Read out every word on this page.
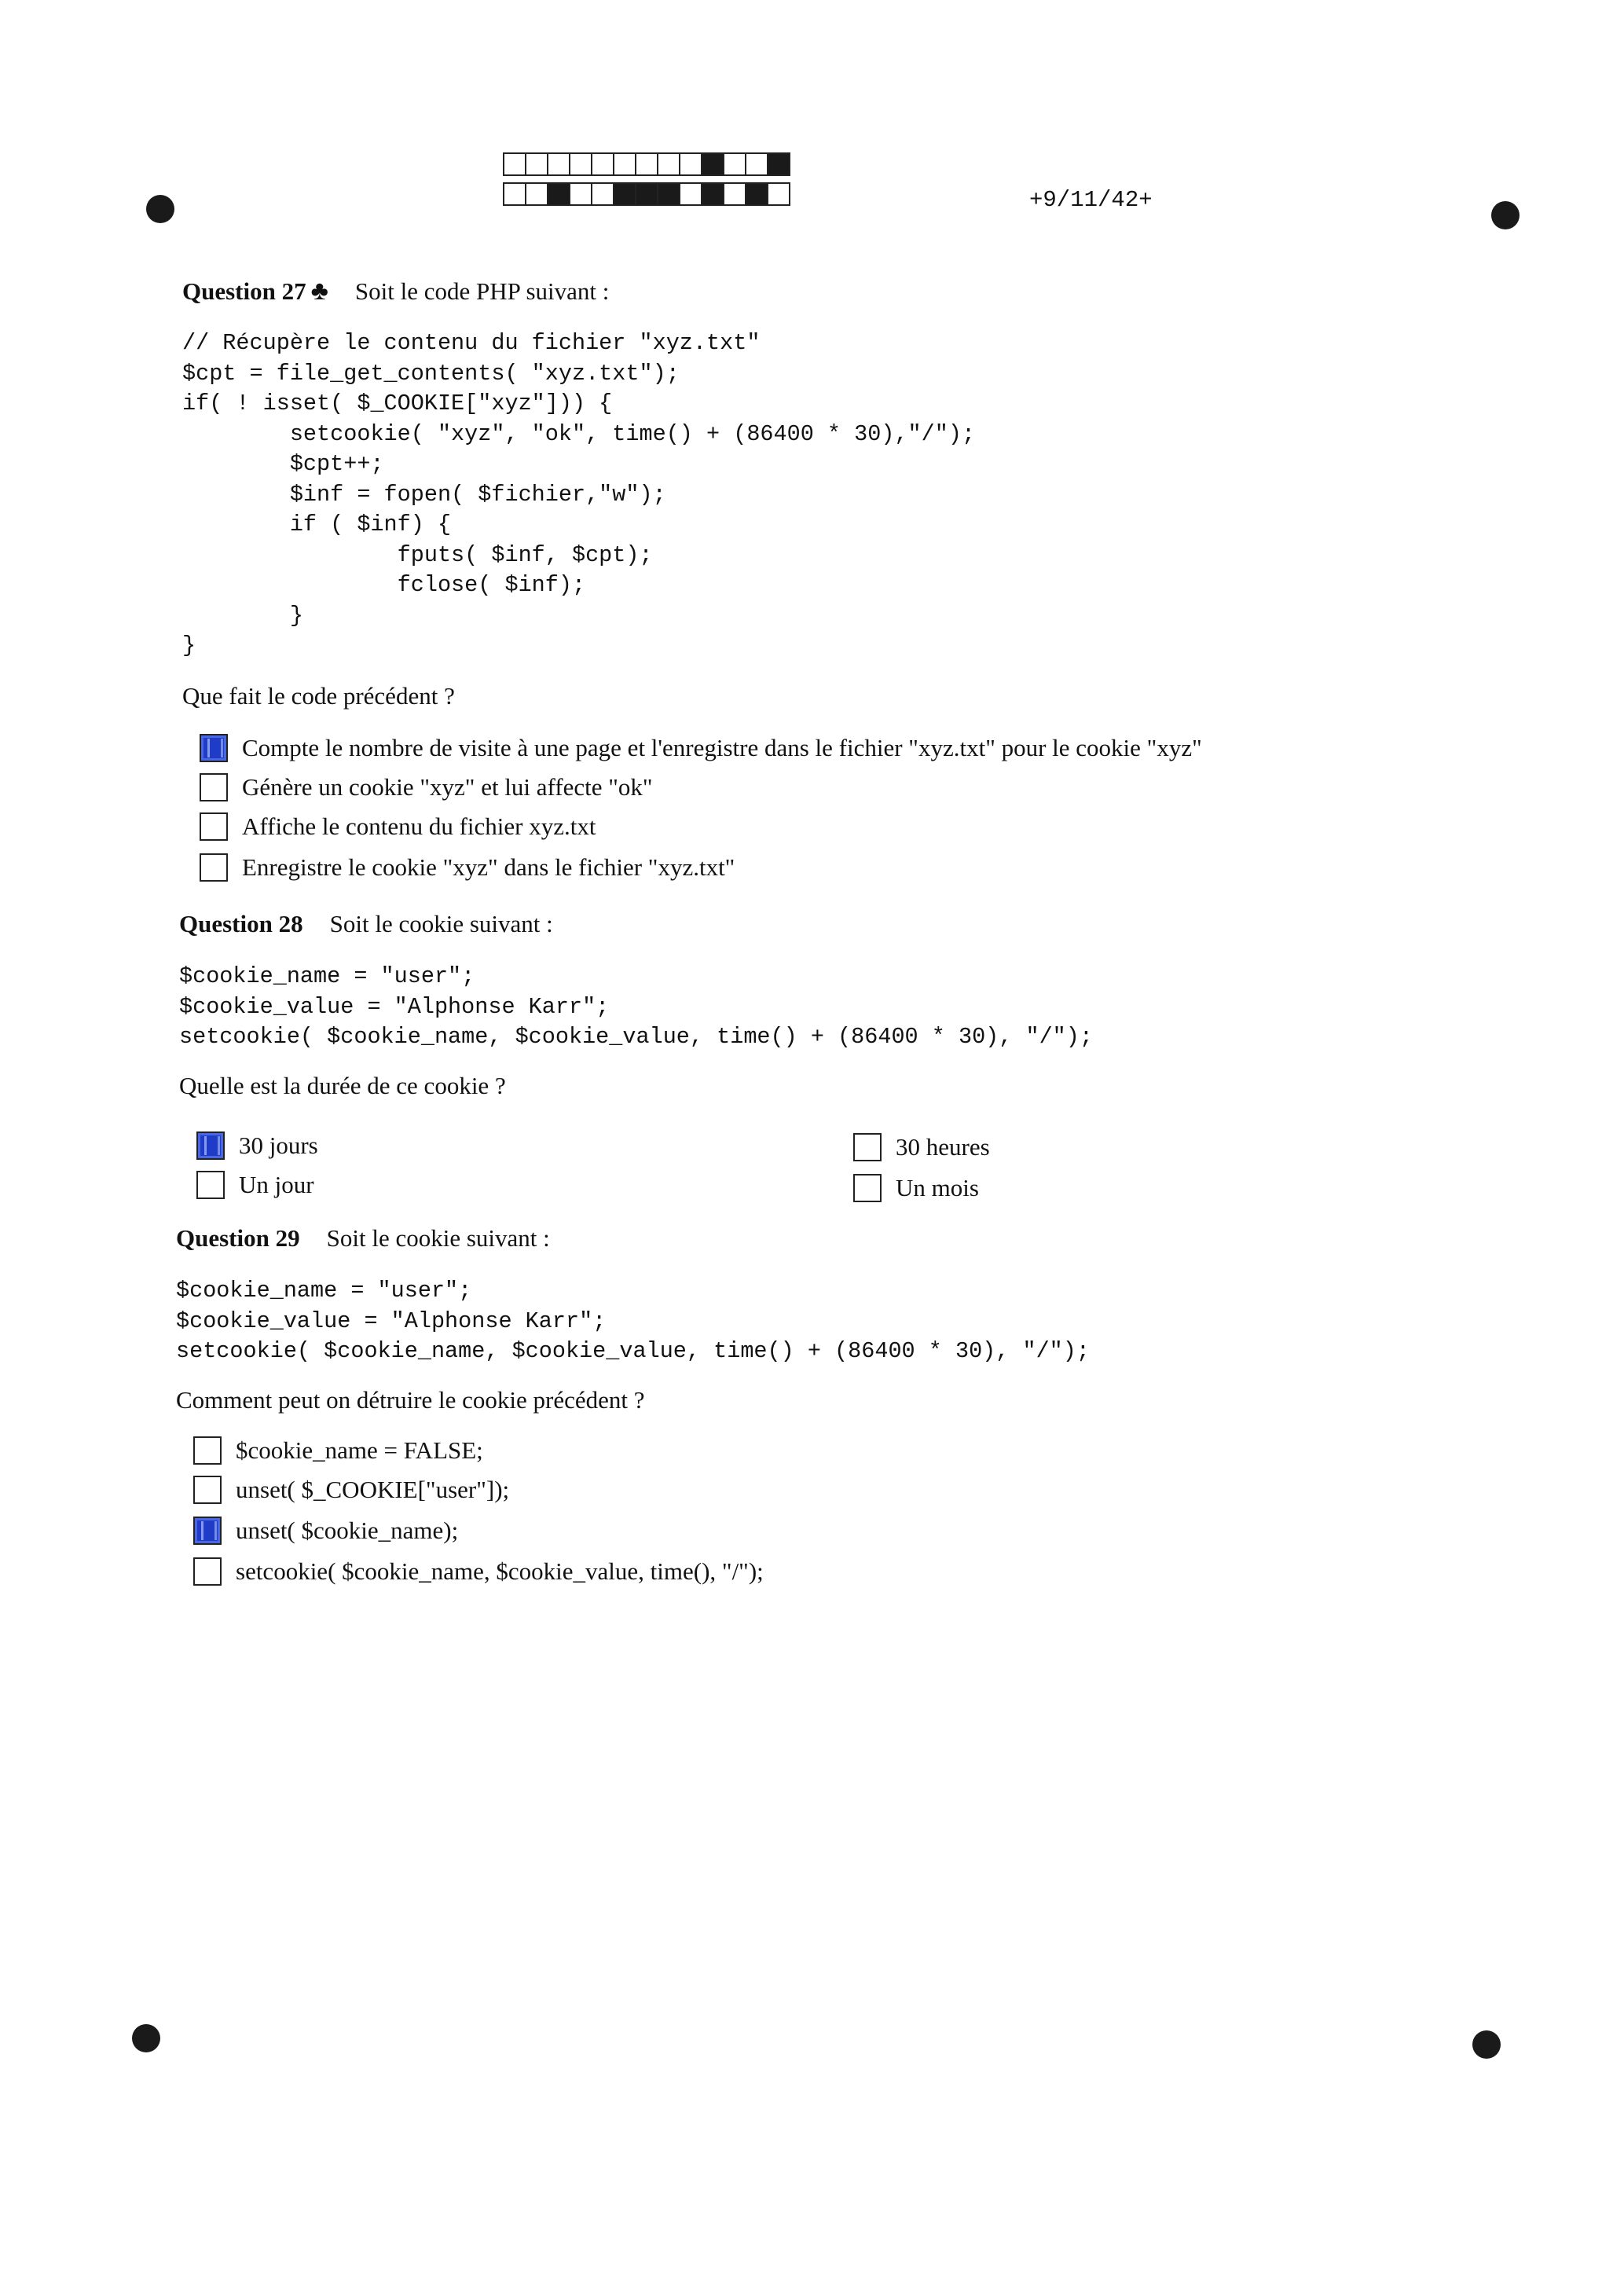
+9/11/42+
Question 27 ♣ Soit le code PHP suivant :
// Récupère le contenu du fichier "xyz.txt"
$cpt = file_get_contents( "xyz.txt");
if( ! isset( $_COOKIE["xyz"])) {
setcookie( "xyz", "ok", time() + (86400 * 30),"/");
$cpt++;
$inf = fopen( $fichier,"w");
if ( $inf) {
fputs( $inf, $cpt);
fclose( $inf);
}
}
Que fait le code précédent ?
Compte le nombre de visite à une page et l'enregistre dans le fichier "xyz.txt" pour le cookie "xyz"
Génère un cookie "xyz" et lui affecte "ok"
Affiche le contenu du fichier xyz.txt
Enregistre le cookie "xyz" dans le fichier "xyz.txt"
Question 28 Soit le cookie suivant :
$cookie_name = "user";
$cookie_value = "Alphonse Karr";
setcookie( $cookie_name, $cookie_value, time() + (86400 * 30), "/");
Quelle est la durée de ce cookie ?
30 jours	30 heures
Un jour	Un mois
Question 29 Soit le cookie suivant :
$cookie_name = "user";
$cookie_value = "Alphonse Karr";
setcookie( $cookie_name, $cookie_value, time() + (86400 * 30), "/");
Comment peut on détruire le cookie précédent ?
$cookie_name = FALSE;
unset( $_COOKIE["user"]);
unset( $cookie_name);
setcookie( $cookie_name, $cookie_value, time(), "/");
